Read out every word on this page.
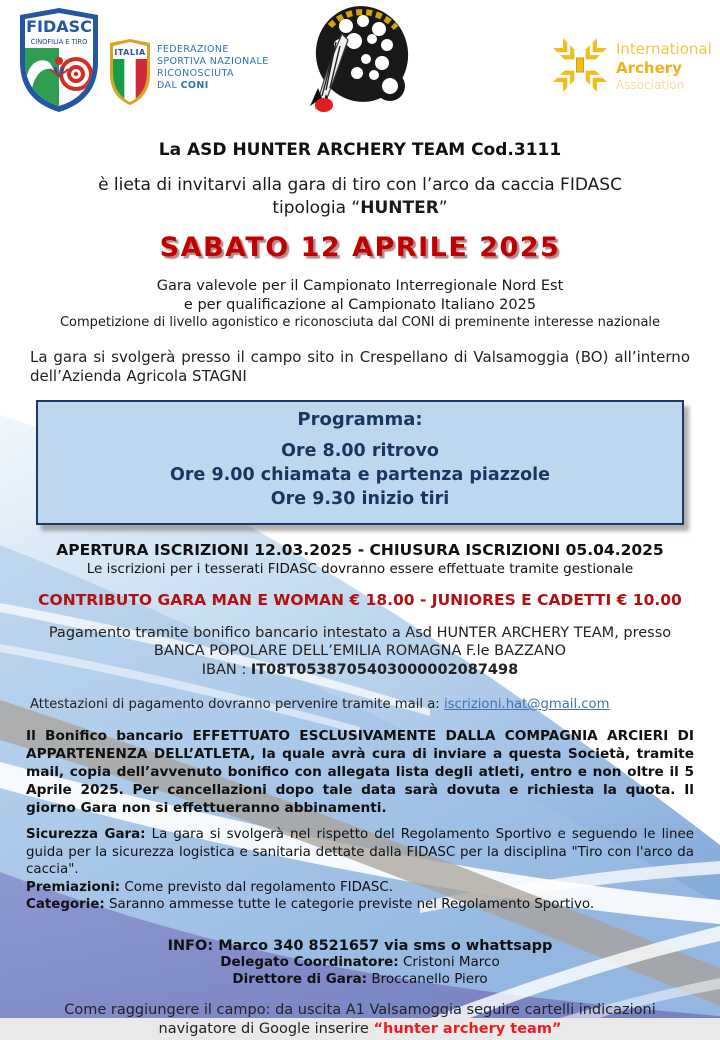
FIDASC
CINOFILIA E TIRO
ITALIA FEDERAZIONE
SPORTIVA NAZIONALE
RICONOSCIUTA
DAL CONI
International
Archery
Association
La ASD HUNTER ARCHERY TEAM Cod.3111
è lieta di invitarvi alla gara di tiro con l’arco da caccia FIDASC
tipologia “HUNTER”
SABATO 12 APRILE 2025
Gara valevole per il Campionato Interregionale Nord Est
e per qualificazione al Campionato Italiano 2025
Competizione di livello agonistico e riconosciuta dal CONI di preminente interesse nazionale
La gara si svolgerà presso il campo sito in Crespellano di Valsamoggia (BO) all’interno dell’Azienda Agricola STAGNI
Programma:
Ore 8.00 ritrovo
Ore 9.00 chiamata e partenza piazzole
Ore 9.30 inizio tiri
APERTURA ISCRIZIONI 12.03.2025 - CHIUSURA ISCRIZIONI 05.04.2025
Le iscrizioni per i tesserati FIDASC dovranno essere effettuate tramite gestionale
CONTRIBUTO GARA MAN E WOMAN € 18.00 - JUNIORES E CADETTI € 10.00
Pagamento tramite bonifico bancario intestato a Asd HUNTER ARCHERY TEAM, presso
BANCA POPOLARE DELL’EMILIA ROMAGNA F.le BAZZANO
IBAN : IT08T0538705403000002087498
Attestazioni di pagamento dovranno pervenire tramite mail a: iscrizioni.hat@gmail.com
Il Bonifico bancario EFFETTUATO ESCLUSIVAMENTE DALLA COMPAGNIA ARCIERI DI APPARTENENZA DELL’ATLETA, la quale avrà cura di inviare a questa Società, tramite mail, copia dell’avvenuto bonifico con allegata lista degli atleti, entro e non oltre il 5 Aprile 2025. Per cancellazioni dopo tale data sarà dovuta e richiesta la quota. Il giorno Gara non si effettueranno abbinamenti.
Sicurezza Gara: La gara si svolgerà nel rispetto del Regolamento Sportivo e seguendo le linee guida per la sicurezza logistica e sanitaria dettate dalla FIDASC per la disciplina "Tiro con l'arco da caccia".
Premiazioni: Come previsto dal regolamento FIDASC.
Categorie: Saranno ammesse tutte le categorie previste nel Regolamento Sportivo.
INFO: Marco 340 8521657 via sms o whattsapp
Delegato Coordinatore: Cristoni Marco
Direttore di Gara: Broccanello Piero
Come raggiungere il campo: da uscita A1 Valsamoggia seguire cartelli indicazioni
navigatore di Google inserire “hunter archery team”
